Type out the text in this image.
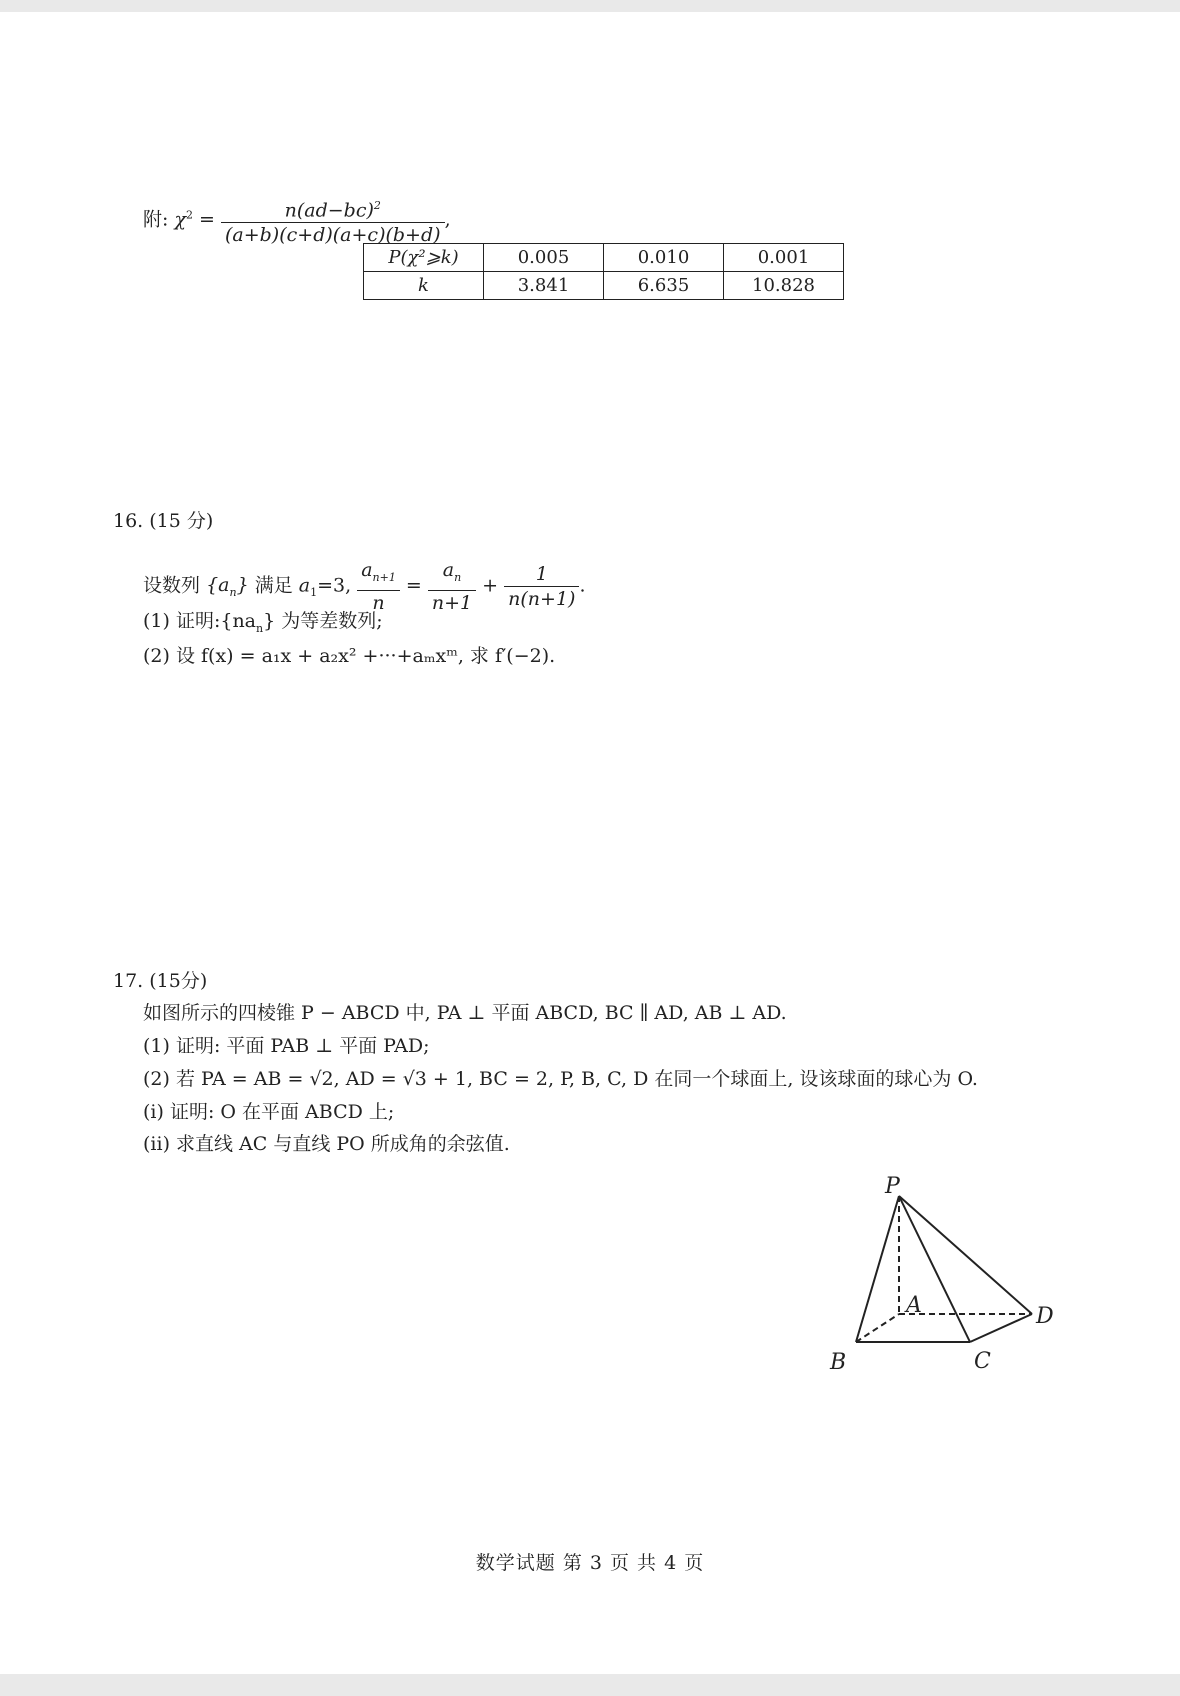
附: $\chi^2 = \frac{n(ad-bc)^2}{(a+b)(c+d)(a+c)(b+d)}$ ,
P(χ²⩾k)	0.005	0.010	0.001
k	3.841	6.635	10.828
16. (15 分)
设数列 $\{a_n\}$ 满足 $a_1=3$, $\frac{a_{n+1}}{n} = \frac{a_n}{n+1} + \frac{1}{n(n+1)}$ .
(1) 证明$:\{na_n\}$ 为等差数列;
(2) 设 f(x) = a₁x + a₂x² +···+aₘxᵐ, 求 f′(−2).
17. (15分)
如图所示的四棱锥 P − ABCD 中, PA ⊥ 平面 ABCD, BC ∥ AD, AB ⊥ AD.
(1) 证明: 平面 PAB ⊥ 平面 PAD;
(2) 若 PA = AB = √2, AD = √3 + 1, BC = 2, P, B, C, D 在同一个球面上, 设该球面的球心为 O.
(i) 证明: O 在平面 ABCD 上;
(ii) 求直线 AC 与直线 PO 所成角的余弦值.
P
A
B	C
D
数学试题 第 3 页 共 4 页
